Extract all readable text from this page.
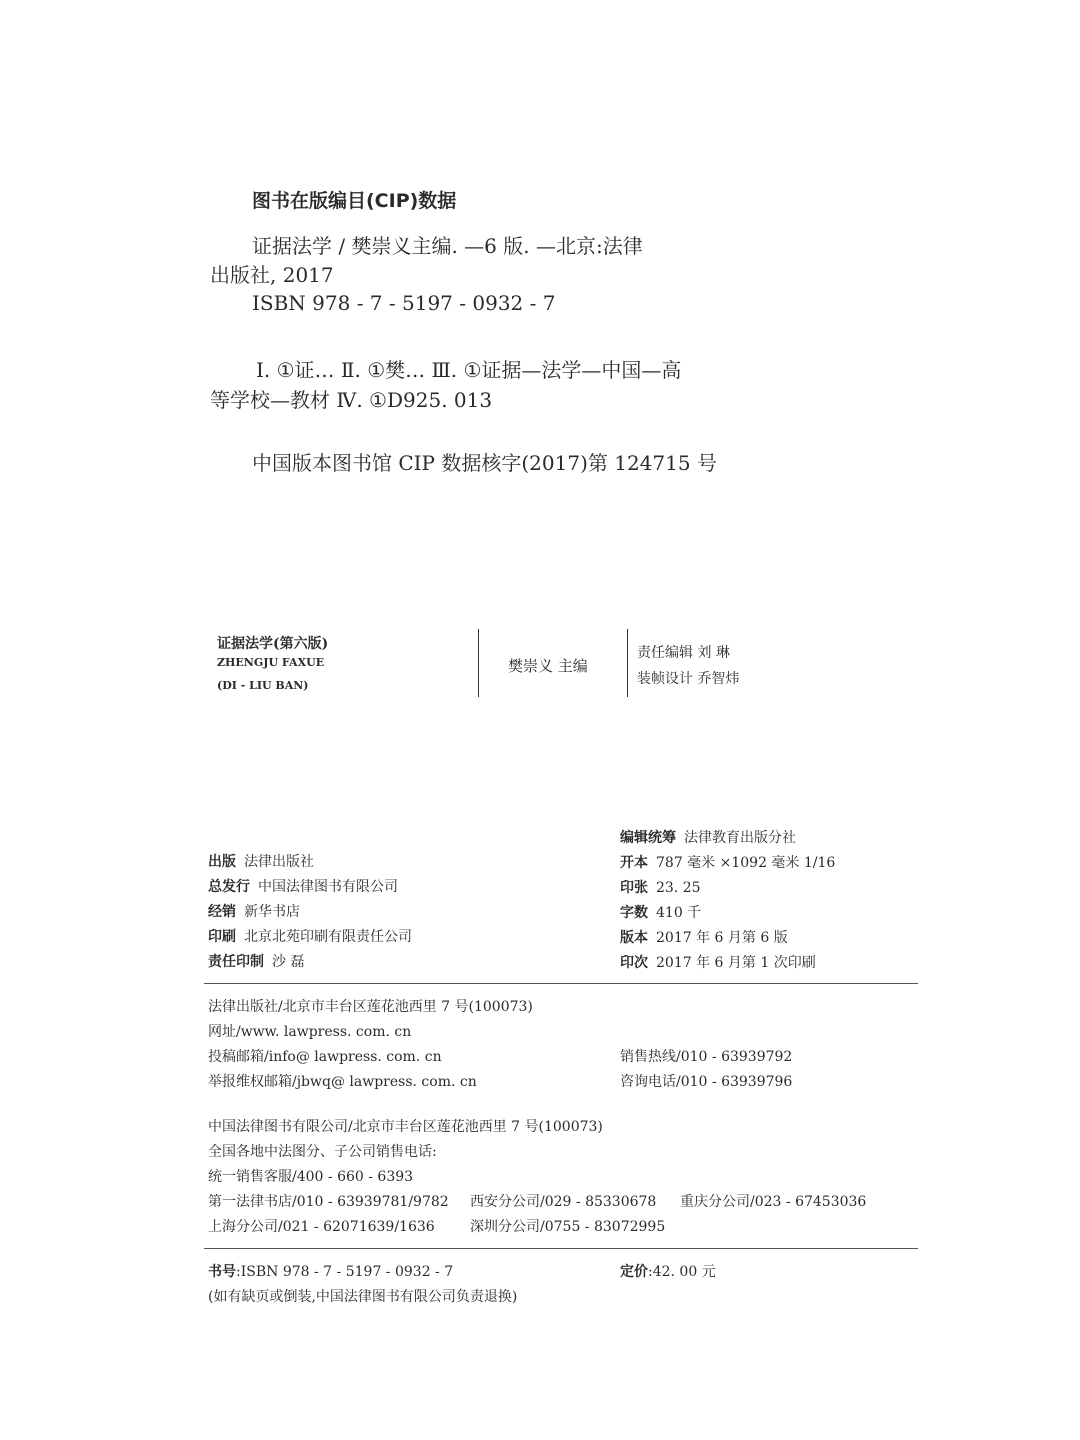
图书在版编目(CIP)数据
证据法学 / 樊崇义主编. —6 版. —北京:法律
出版社, 2017
ISBN 978 - 7 - 5197 - 0932 - 7
Ⅰ. ①证… Ⅱ. ①樊… Ⅲ. ①证据—法学—中国—高
等学校—教材 Ⅳ. ①D925. 013
中国版本图书馆 CIP 数据核字(2017)第 124715 号
证据法学(第六版)
ZHENGJU FAXUE
(DI - LIU BAN)
樊崇义 主编
责任编辑 刘 琳
装帧设计 乔智炜
出版 法律出版社
总发行 中国法律图书有限公司
经销 新华书店
印刷 北京北苑印刷有限责任公司
责任印制 沙 磊
编辑统筹 法律教育出版分社
开本 787 毫米 ×1092 毫米 1/16
印张 23. 25
字数 410 千
版本 2017 年 6 月第 6 版
印次 2017 年 6 月第 1 次印刷
法律出版社/北京市丰台区莲花池西里 7 号(100073)
网址/www. lawpress. com. cn
投稿邮箱/info@ lawpress. com. cn
举报维权邮箱/jbwq@ lawpress. com. cn
销售热线/010 - 63939792
咨询电话/010 - 63939796
中国法律图书有限公司/北京市丰台区莲花池西里 7 号(100073)
全国各地中法图分、子公司销售电话:
统一销售客服/400 - 660 - 6393
第一法律书店/010 - 63939781/9782 西安分公司/029 - 85330678 重庆分公司/023 - 67453036
上海分公司/021 - 62071639/1636	深圳分公司/0755 - 83072995
书号:ISBN 978 - 7 - 5197 - 0932 - 7	定价:42. 00 元
(如有缺页或倒装,中国法律图书有限公司负责退换)
